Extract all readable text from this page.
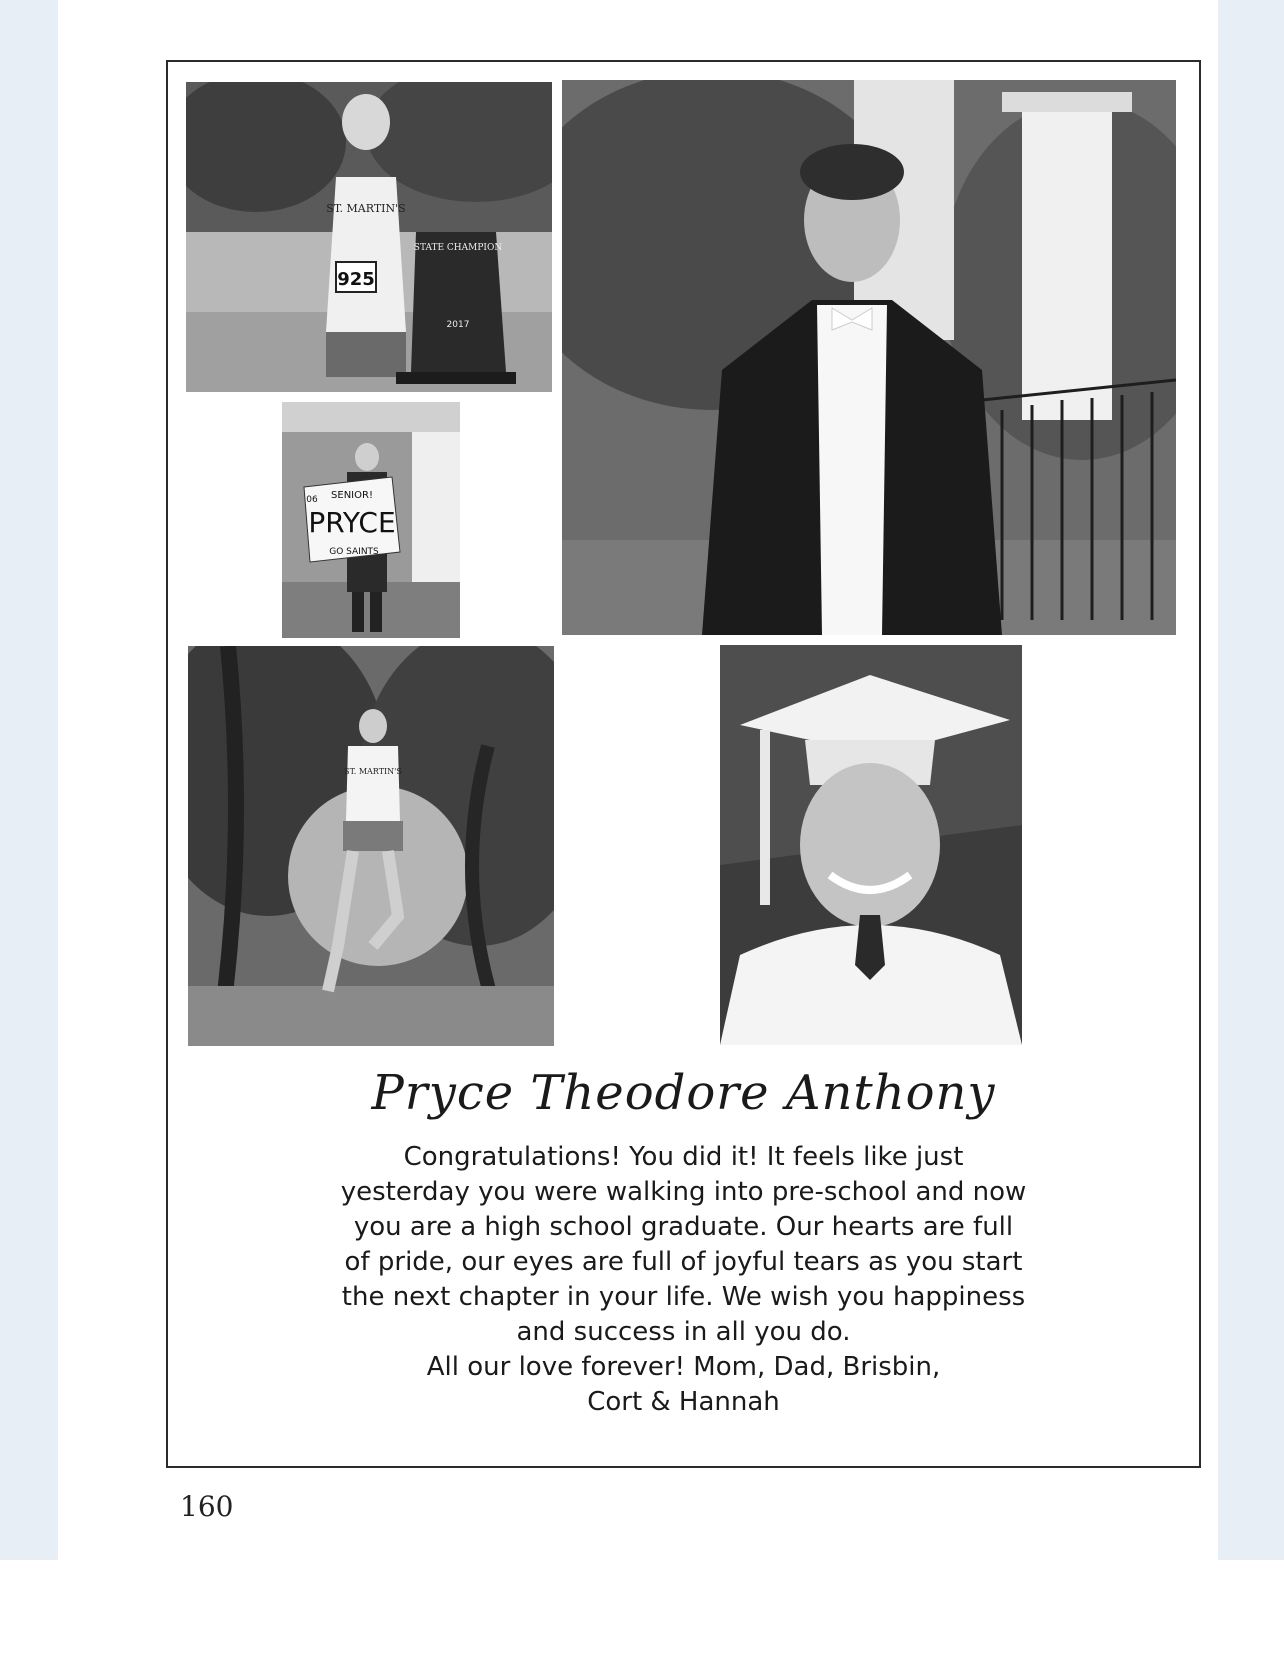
925
ST. MARTIN'S
STATE CHAMPION
2017
SENIOR!
06
PRYCE
GO SAINTS
ST. MARTIN'S
Pryce Theodore Anthony
Congratulations! You did it! It feels like just
yesterday you were walking into pre-school and now
you are a high school graduate. Our hearts are full
of pride, our eyes are full of joyful tears as you start
the next chapter in your life. We wish you happiness
and success in all you do.
All our love forever! Mom, Dad, Brisbin,
Cort & Hannah
160
